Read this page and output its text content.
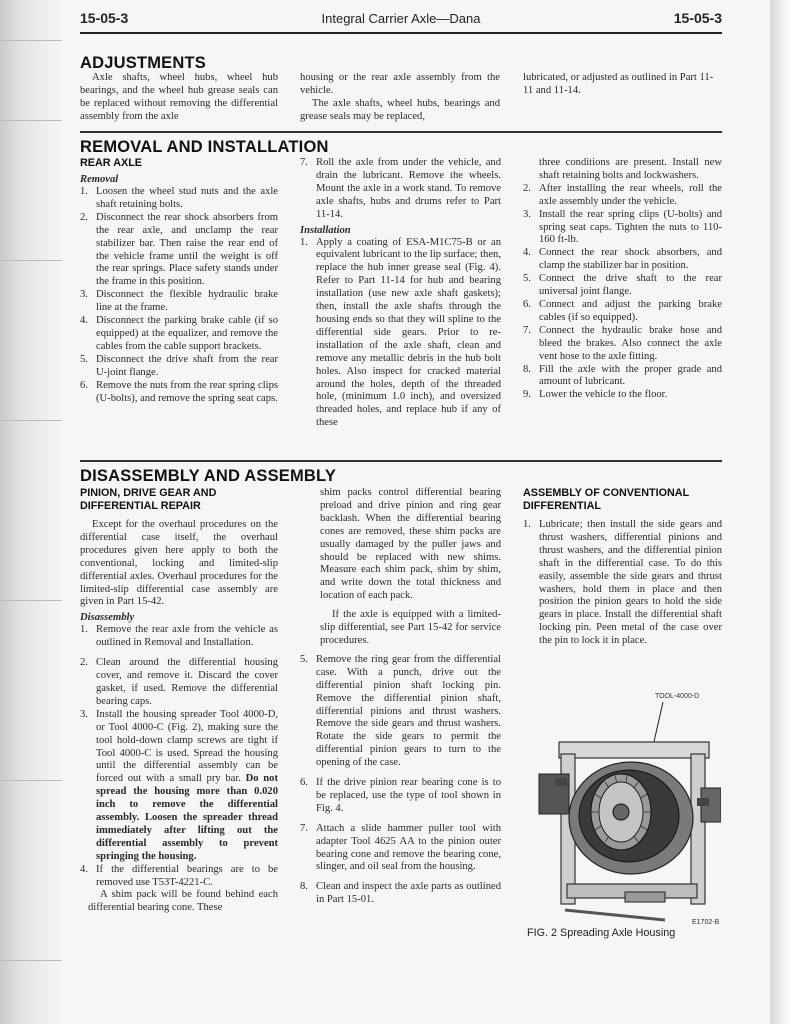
15-05-3	Integral Carrier Axle—Dana	15-05-3
ADJUSTMENTS

Axle shafts, wheel hubs, wheel hub bearings, and the wheel hub grease seals can be replaced without removing the differential assembly from the axle

housing or the rear axle assembly from the vehicle.

The axle shafts, wheel hubs, bearings and grease seals may be replaced,

lubricated, or adjusted as outlined in Part 11-11 and 11-14.

REMOVAL AND INSTALLATION
REAR AXLE
Removal
1. Loosen the wheel stud nuts and the axle shaft retaining bolts.
2. Disconnect the rear shock absorbers from the rear axle, and unclamp the rear stabilizer bar. Then raise the rear end of the vehicle frame until the weight is off the rear springs. Place safety stands under the frame in this position.
3. Disconnect the flexible hydraulic brake line at the frame.
4. Disconnect the parking brake cable (if so equipped) at the equalizer, and remove the cables from the cable support brackets.
5. Disconnect the drive shaft from the rear U-joint flange.
6. Remove the nuts from the rear spring clips (U-bolts), and remove the spring seat caps.
7. Roll the axle from under the vehicle, and drain the lubricant. Remove the wheels. Mount the axle in a work stand. To remove axle shafts, hubs and drums refer to Part 11-14.
Installation
1. Apply a coating of ESA-M1C75-B or an equivalent lubricant to the lip surface; then, replace the hub inner grease seal (Fig. 4). Refer to Part 11-14 for hub and bearing installation (use new axle shaft gaskets); then, install the axle shafts through the housing ends so that they will spline to the differential side gears. Prior to re-installation of the axle shaft, clean and remove any metallic debris in the hub bolt holes. Also inspect for cracked material around the holes, depth of the threaded hole, (minimum 1.0 inch), and oversized threaded holes, and replace hub if any of these

three conditions are present. Install new shaft retaining bolts and lockwashers.

2. After installing the rear wheels, roll the axle assembly under the vehicle.
3. Install the rear spring clips (U-bolts) and spring seat caps. Tighten the nuts to 110-160 ft-lb.
4. Connect the rear shock absorbers, and clamp the stabilizer bar in position.
5. Connect the drive shaft to the rear universal joint flange.
6. Connect and adjust the parking brake cables (if so equipped).
7. Connect the hydraulic brake hose and bleed the brakes. Also connect the axle vent hose to the axle fitting.
8. Fill the axle with the proper grade and amount of lubricant.
9. Lower the vehicle to the floor.
DISASSEMBLY AND ASSEMBLY
PINION, DRIVE GEAR AND DIFFERENTIAL REPAIR

Except for the overhaul procedures on the differential case itself, the overhaul procedures given here apply to both the conventional, locking and limited-slip differential axles. Overhaul procedures for the limited-slip differential case assembly are given in Part 15-42.

Disassembly
1. Remove the rear axle from the vehicle as outlined in Removal and Installation.
2. Clean around the differential housing cover, and remove it. Discard the cover gasket, if used. Remove the differential bearing caps.
3. Install the housing spreader Tool 4000-D, or Tool 4000-C (Fig. 2), making sure the tool hold-down clamp screws are tight if Tool 4000-C is used. Spread the housing until the differential assembly can be forced out with a small pry bar. Do not spread the housing more than 0.020 inch to remove the differential assembly. Loosen the spreader thread immediately after lifting out the differential assembly to prevent springing the housing.
4. If the differential bearings are to be removed use T53T-4221-C.

A shim pack will be found behind each differential bearing cone. These

shim packs control differential bearing preload and drive pinion and ring gear backlash. When the differential bearing cones are removed, these shim packs are usually damaged by the puller jaws and should be replaced with new shims. Measure each shim pack, shim by shim, and write down the total thickness and location of each pack.

If the axle is equipped with a limited-slip differential, see Part 15-42 for service procedures.

5. Remove the ring gear from the differential case. With a punch, drive out the differential pinion shaft locking pin. Remove the differential pinion shaft, differential pinions and thrust washers. Remove the side gears and thrust washers. Rotate the side gears to permit the differential pinion gears to turn to the opening of the case.
6. If the drive pinion rear bearing cone is to be replaced, use the type of tool shown in Fig. 4.
7. Attach a slide hammer puller tool with adapter Tool 4625 AA to the pinion outer bearing cone and remove the bearing cone, slinger, and oil seal from the housing.
8. Clean and inspect the axle parts as outlined in Part 15-01.
ASSEMBLY OF CONVENTIONAL DIFFERENTIAL
1. Lubricate; then install the side gears and thrust washers, differential pinions and thrust washers, and the differential pinion shaft in the differential case. To do this easily, assemble the side gears and thrust washers, hold them in place and then position the pinion gears to hold the side gears in place. Install the differential shaft locking pin. Peen metal of the case over the pin to lock it in place.
TOOL-4000-D
E1702-B
FIG. 2 Spreading Axle Housing
